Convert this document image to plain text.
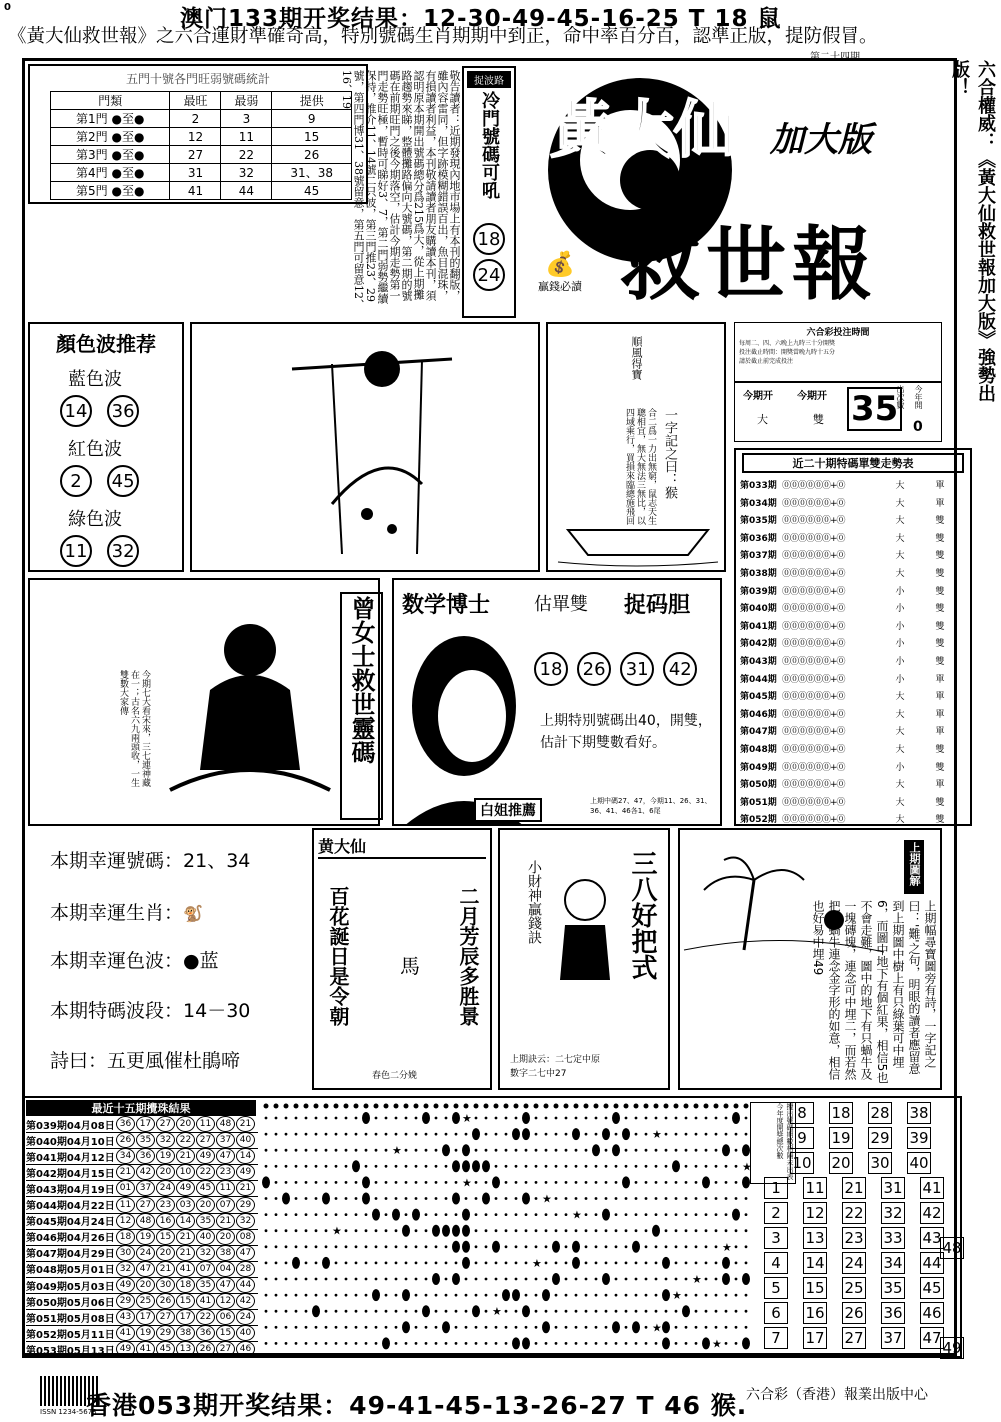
0	澳门133期开奖结果：12-30-49-45-16-25 T 18 鼠
《黃大仙救世報》之六合運財準確奇高，特別號碼生肖期期中到正，命中率百分百，認準正版，提防假冒。
五門十號各門旺弱號碼統計
門類	最旺	最弱	提供
第1門 ●至●	2	3	9
第2門 ●至●	12	11	15
第3門 ●至●	27	22	26
第4門 ●至●	31	32	31、38
第5門 ●至●	41	44	45	敬告讀者：近期發現內地市場上有本刊的翻版，雖內容雷同，但字跡模糊錯誤百出，魚目混珠，有損讀者利益，本刊敬請讀者朋友購讀本刊，須認明原本期開出號碼總分爲215爲大，從上期攤路趨勢來睇，整體攤路偏向大號碼，第二期的號碼在前期旺門之後今期落空，估計今期走勢第一門走勢旺極，暫時可睇好3、7，第二門弱勢繼續保持，推介11、14號二只波，第三門推23、29號，第四門博31、38號留意，第五門可留意12、16、19	捉波路
冷門號碼可吼
18
24
黃大仙 加大版
救世報
第二十四期
💰
贏錢必讀	六合權威：《黃大仙救世報加大版》強勢出版！
顏色波推荐
藍色波
14 36
紅色波
2 45
綠色波
11 32
順風得寶
一字記之曰：猴
合二爲一力出無窮，鼠志天生聰相宜，無大無法三無比，以四域乘行，買損來臨總施飛回
六合彩投注時間
每周二、四、六晚上九時三十分開獎
投注截止時間：開獎當晚九時十五分
請於截止前完成投注
今期开
大
今期开
雙 35
出次數 今年開
0
近二十期特碼單雙走勢表
第033期 ⓪⓪⓪⓪⓪⓪+⓪	大	單
第034期 ⓪⓪⓪⓪⓪⓪+⓪	大	單
第035期 ⓪⓪⓪⓪⓪⓪+⓪	大	雙
第036期 ⓪⓪⓪⓪⓪⓪+⓪	大	雙
第037期 ⓪⓪⓪⓪⓪⓪+⓪	大	雙
第038期 ⓪⓪⓪⓪⓪⓪+⓪	大	雙
第039期 ⓪⓪⓪⓪⓪⓪+⓪	小	雙
第040期 ⓪⓪⓪⓪⓪⓪+⓪	小	雙
第041期 ⓪⓪⓪⓪⓪⓪+⓪	小	雙
第042期 ⓪⓪⓪⓪⓪⓪+⓪	小	雙
第043期 ⓪⓪⓪⓪⓪⓪+⓪	小	雙
第044期 ⓪⓪⓪⓪⓪⓪+⓪	小	單
第045期 ⓪⓪⓪⓪⓪⓪+⓪	大	單
第046期 ⓪⓪⓪⓪⓪⓪+⓪	大	單
第047期 ⓪⓪⓪⓪⓪⓪+⓪	大	單
第048期 ⓪⓪⓪⓪⓪⓪+⓪	大	雙
第049期 ⓪⓪⓪⓪⓪⓪+⓪	小	雙
第050期 ⓪⓪⓪⓪⓪⓪+⓪	大	單
第051期 ⓪⓪⓪⓪⓪⓪+⓪	大	雙
第052期 ⓪⓪⓪⓪⓪⓪+⓪	大	雙
今期七大看宋來，三七連神藏在一；古名六九兩頭收，一生雙數大家傳	曾女士救世靈碼	数学博士 估單雙 捉码胆
18 26 31 42
上期特別號碼出40，開雙，估計下期雙數看好。
白姐推薦
上期中碼27、47，今期11、26、31、36、41、46各1、6尾
本期幸運號碼：21、34
本期幸運生肖：🐒
本期幸運色波：●蓝
本期特碼波段：14－30
詩曰：五更風催杜鵑啼
黄大仙
百花誕日是令朝	二月芳辰多胜景
馬
春色二分娩
小財神贏錢訣	三八好把式
上期訣云：二七定中原
數字二七中27
上期圖解
上期幅尋寶圖旁有詩，一字記之曰：'難'之句，明眼的讀者應留意到上期圖中樹上有只綠葉可中埋6，而圖中地下有個紅果，相信5也不會走難，圖中的地下有只蝸牛及一塊磚塊，連念可中埋二，而若然把只蝸牛連念金字形的如意，相信也好易中埋49
最近十五期攪珠結果
第039期04月08日 36 17 27 20 11 48 21
第040期04月10日 26 35 32 22 27 37 40
第041期04月12日 34 36 19 21 49 47 14
第042期04月15日 21 42 20 10 22 23 49
第043期04月19日 01 37 24 49 45 11 21
第044期04月22日 11 27 23 03 20 07 29
第045期04月24日 12 48 16 14 35 21 32
第046期04月26日 18 19 15 21 40 20 08
第047期04月29日 30 24 20 21 32 38 47
第048期05月01日 32 47 21 41 07 04 28
第049期05月03日 49 20 30 18 35 47 44
第050期05月06日 29 25 26 15 41 12 42
第051期05月08日 43 17 27 17 22 06 24
第052期05月11日 41 19 29 38 36 15 40
第053期05月13日 49 41 45 13 26 27 46
★
★
★
★
★
★
★
★
★
★
★
★
★
★
★
攪出號碼期數相隔未出表 今年度開獎總次數 8	18 28 38
9	19 29 39
10 20 30 40
1	11 21 31 41
2	12 22 32 42
3	13 23 33 43
4	14 24 34 44
5	15 25 35 45
6	16 26 36 46
7	17 27 37 47
48
49
ISSN 1234-5678
香港053期开奖结果：49-41-45-13-26-27 T 46 猴.
六合彩（香港）報業出版中心
